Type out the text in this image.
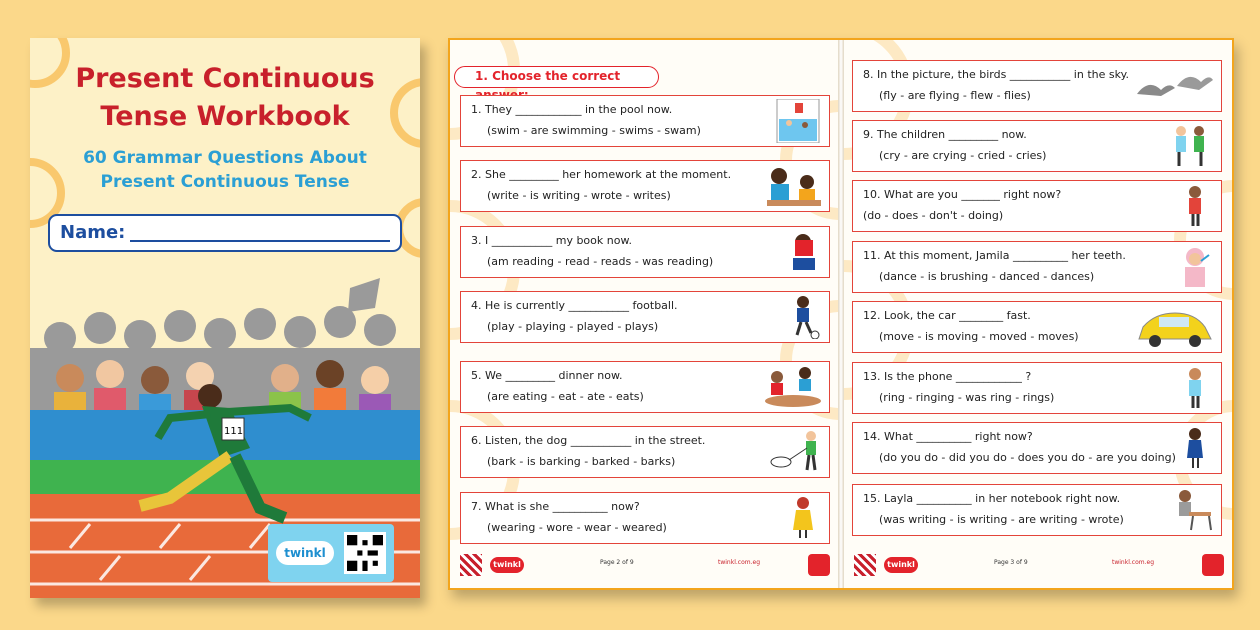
Present Continuous
Tense Workbook
60 Grammar Questions About
Present Continuous Tense
Name:
111
twinkl
1. Choose the correct
1. They ____________ in the pool now.
(swim - are swimming - swims - swam)
2. She _________ her homework at the moment.
(write - is writing - wrote - writes)
3. I ___________ my book now.
(am reading - read - reads - was reading)
4. He is currently ___________ football.
(play - playing - played - plays)
5. We _________ dinner now.
(are eating - eat - ate - eats)
6. Listen, the dog ___________ in the street.
(bark - is barking - barked - barks)
7. What is she __________ now?
(wearing - wore - wear - weared)
twinkl	Page 2 of 9	twinkl.com.eg
8. In the picture, the birds ___________ in the sky.
(fly - are flying - flew - flies)
9. The children _________ now.
(cry - are crying - cried - cries)
10. What are you _______ right now?
(do - does - don't - doing)
11. At this moment, Jamila __________ her teeth.
(dance - is brushing - danced - dances)
12. Look, the car ________ fast.
(move - is moving - moved - moves)
13. Is the phone ____________ ?
(ring - ringing - was ring - rings)
14. What __________ right now?
(do you do - did you do - does you do - are you doing)
15. Layla __________ in her notebook right now.
(was writing - is writing - are writing - wrote)
twinkl	Page 3 of 9	twinkl.com.eg
